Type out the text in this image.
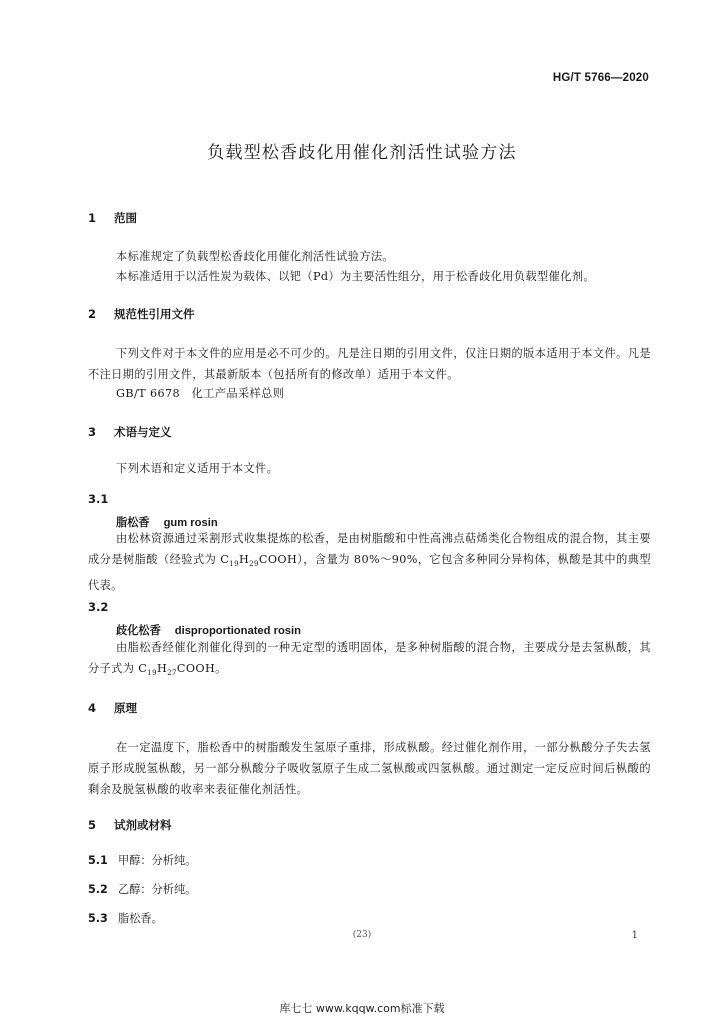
HG/T 5766—2020
负载型松香歧化用催化剂活性试验方法
1 范围
本标准规定了负载型松香歧化用催化剂活性试验方法。
本标准适用于以活性炭为载体、以钯（Pd）为主要活性组分，用于松香歧化用负载型催化剂。
2 规范性引用文件
下列文件对于本文件的应用是必不可少的。凡是注日期的引用文件，仅注日期的版本适用于本文件。凡是不注日期的引用文件，其最新版本（包括所有的修改单）适用于本文件。
GB/T 6678　化工产品采样总则
3 术语与定义
下列术语和定义适用于本文件。
3.1
脂松香 gum rosin
由松林资源通过采割形式收集提炼的松香，是由树脂酸和中性高沸点萜烯类化合物组成的混合物，其主要成分是树脂酸（经验式为 $C_{19}H_{29}COOH$），含量为 80%～90%，它包含多种同分异构体，枞酸是其中的典型代表。
3.2
歧化松香 disproportionated rosin
由脂松香经催化剂催化得到的一种无定型的透明固体，是多种树脂酸的混合物，主要成分是去氢枞酸，其分子式为 $C_{19}H_{27}COOH$。
4 原理
在一定温度下，脂松香中的树脂酸发生氢原子重排，形成枞酸。经过催化剂作用，一部分枞酸分子失去氢原子形成脱氢枞酸，另一部分枞酸分子吸收氢原子生成二氢枞酸或四氢枞酸。通过测定一定反应时间后枞酸的剩余及脱氢枞酸的收率来表征催化剂活性。
5 试剂或材料
5.1 甲醇：分析纯。
5.2 乙醇：分析纯。
5.3 脂松香。
(23)	1
库七七 www.kqqw.com标准下载
